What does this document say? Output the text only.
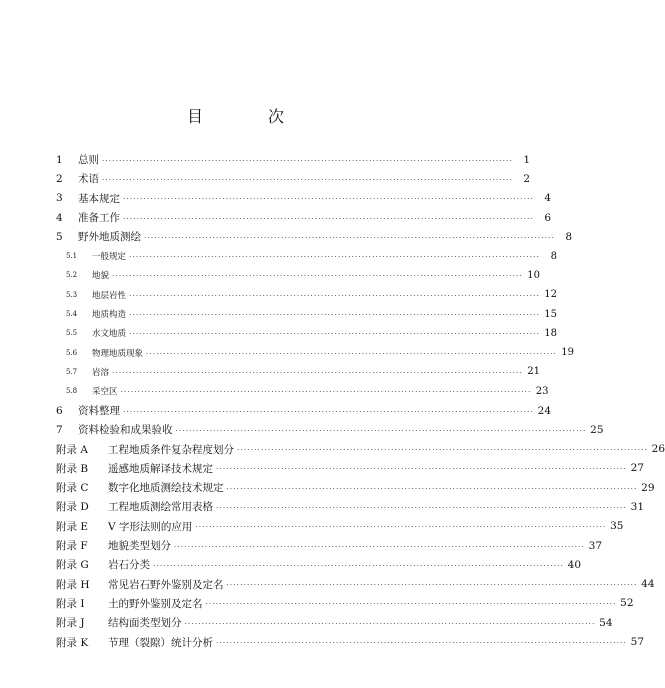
目 次
1	总则 ························································································································ 1
2	术语 ························································································································ 2
3	基本规定 ························································································································ 4
4	准备工作 ························································································································ 6
5	野外地质测绘 ························································································································ 8
5.1	一般规定 ························································································································	8
5.2	地貌 ························································································································ 10
5.3	地层岩性 ························································································································ 12
5.4	地质构造 ························································································································ 15
5.5	水文地质 ························································································································ 18
5.6	物理地质现象 ························································································································ 19
5.7	岩溶 ························································································································ 21
5.8	采空区 ························································································································ 23
6	资料整理 ························································································································ 24
7	资料检验和成果验收 ························································································································ 25
附录 A	工程地质条件复杂程度划分 ························································································································ 26
附录 B	遥感地质解译技术规定 ························································································································ 27
附录 C	数字化地质测绘技术规定 ························································································································ 29
附录 D	工程地质测绘常用表格 ························································································································ 31
附录 E	V 字形法则的应用 ························································································································ 35
附录 F	地貌类型划分 ························································································································ 37
附录 G	岩石分类 ························································································································ 40
附录 H	常见岩石野外鉴别及定名 ························································································································ 44
附录 I	土的野外鉴别及定名 ························································································································ 52
附录 J	结构面类型划分 ························································································································ 54
附录 K	节理（裂隙）统计分析 ························································································································ 57
